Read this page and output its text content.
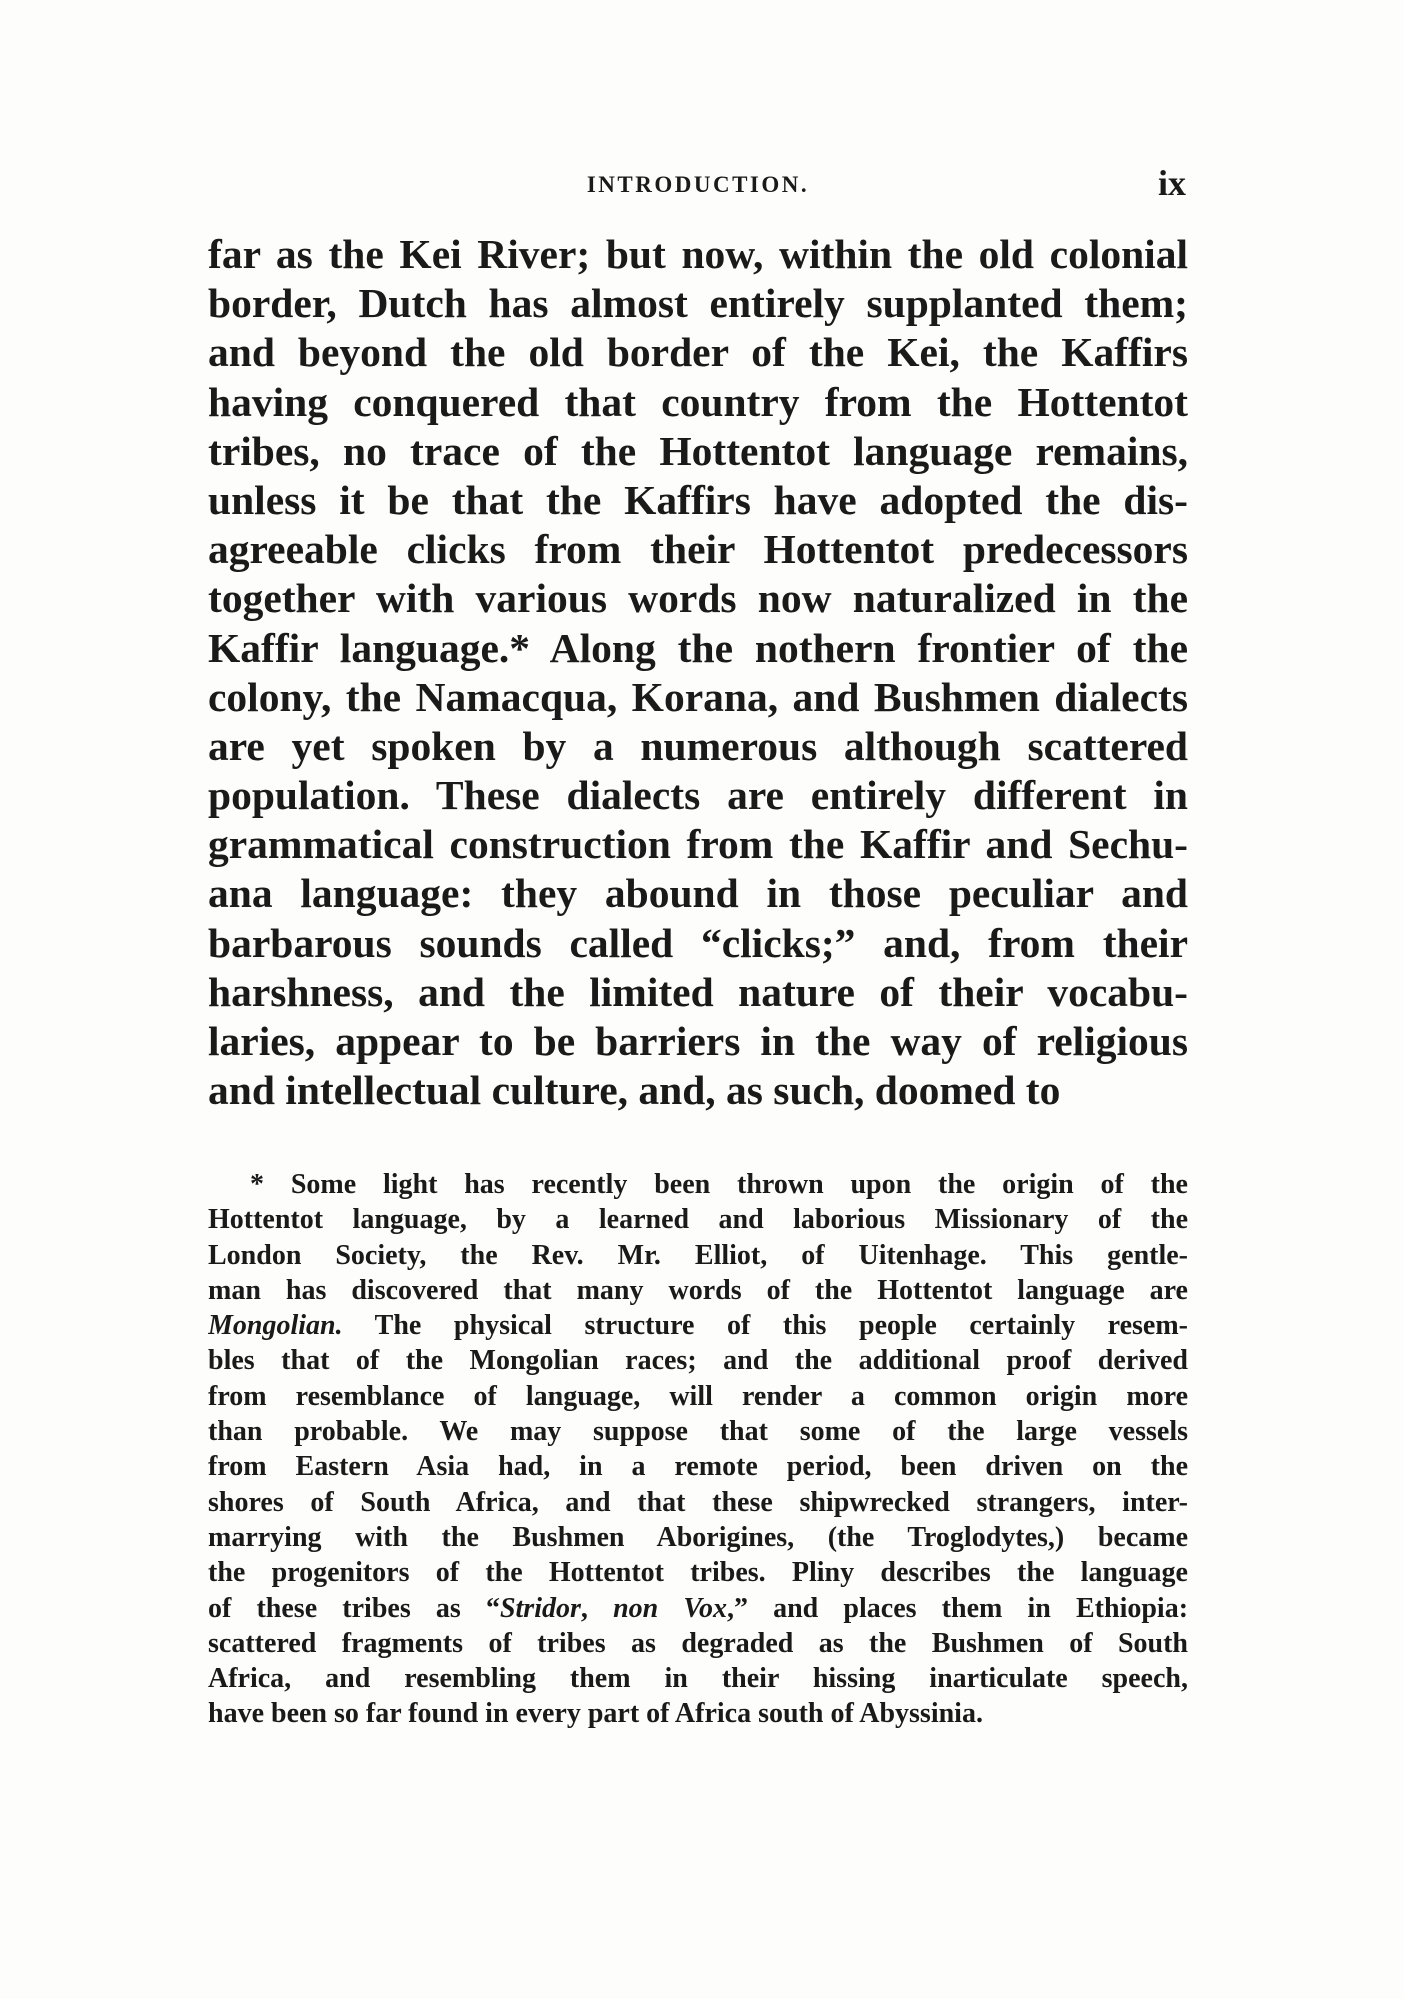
INTRODUCTION.	ix
far as the Kei River; but now, within the old colonial
border, Dutch has almost entirely supplanted them;
and beyond the old border of the Kei, the Kaffirs
having conquered that country from the Hottentot
tribes, no trace of the Hottentot language remains,
unless it be that the Kaffirs have adopted the dis-
agreeable clicks from their Hottentot predecessors
together with various words now naturalized in the
Kaffir language.* Along the nothern frontier of the
colony, the Namacqua, Korana, and Bushmen dialects
are yet spoken by a numerous although scattered
population. These dialects are entirely different in
grammatical construction from the Kaffir and Sechu-
ana language: they abound in those peculiar and
barbarous sounds called “clicks;” and, from their
harshness, and the limited nature of their vocabu-
laries, appear to be barriers in the way of religious
and intellectual culture, and, as such, doomed to
* Some light has recently been thrown upon the origin of the
Hottentot language, by a learned and laborious Missionary of the
London Society, the Rev. Mr. Elliot, of Uitenhage. This gentle-
man has discovered that many words of the Hottentot language are
Mongolian. The physical structure of this people certainly resem-
bles that of the Mongolian races; and the additional proof derived
from resemblance of language, will render a common origin more
than probable. We may suppose that some of the large vessels
from Eastern Asia had, in a remote period, been driven on the
shores of South Africa, and that these shipwrecked strangers, inter-
marrying with the Bushmen Aborigines, (the Troglodytes,) became
the progenitors of the Hottentot tribes. Pliny describes the language
of these tribes as “Stridor, non Vox,” and places them in Ethiopia:
scattered fragments of tribes as degraded as the Bushmen of South
Africa, and resembling them in their hissing inarticulate speech,
have been so far found in every part of Africa south of Abyssinia.
